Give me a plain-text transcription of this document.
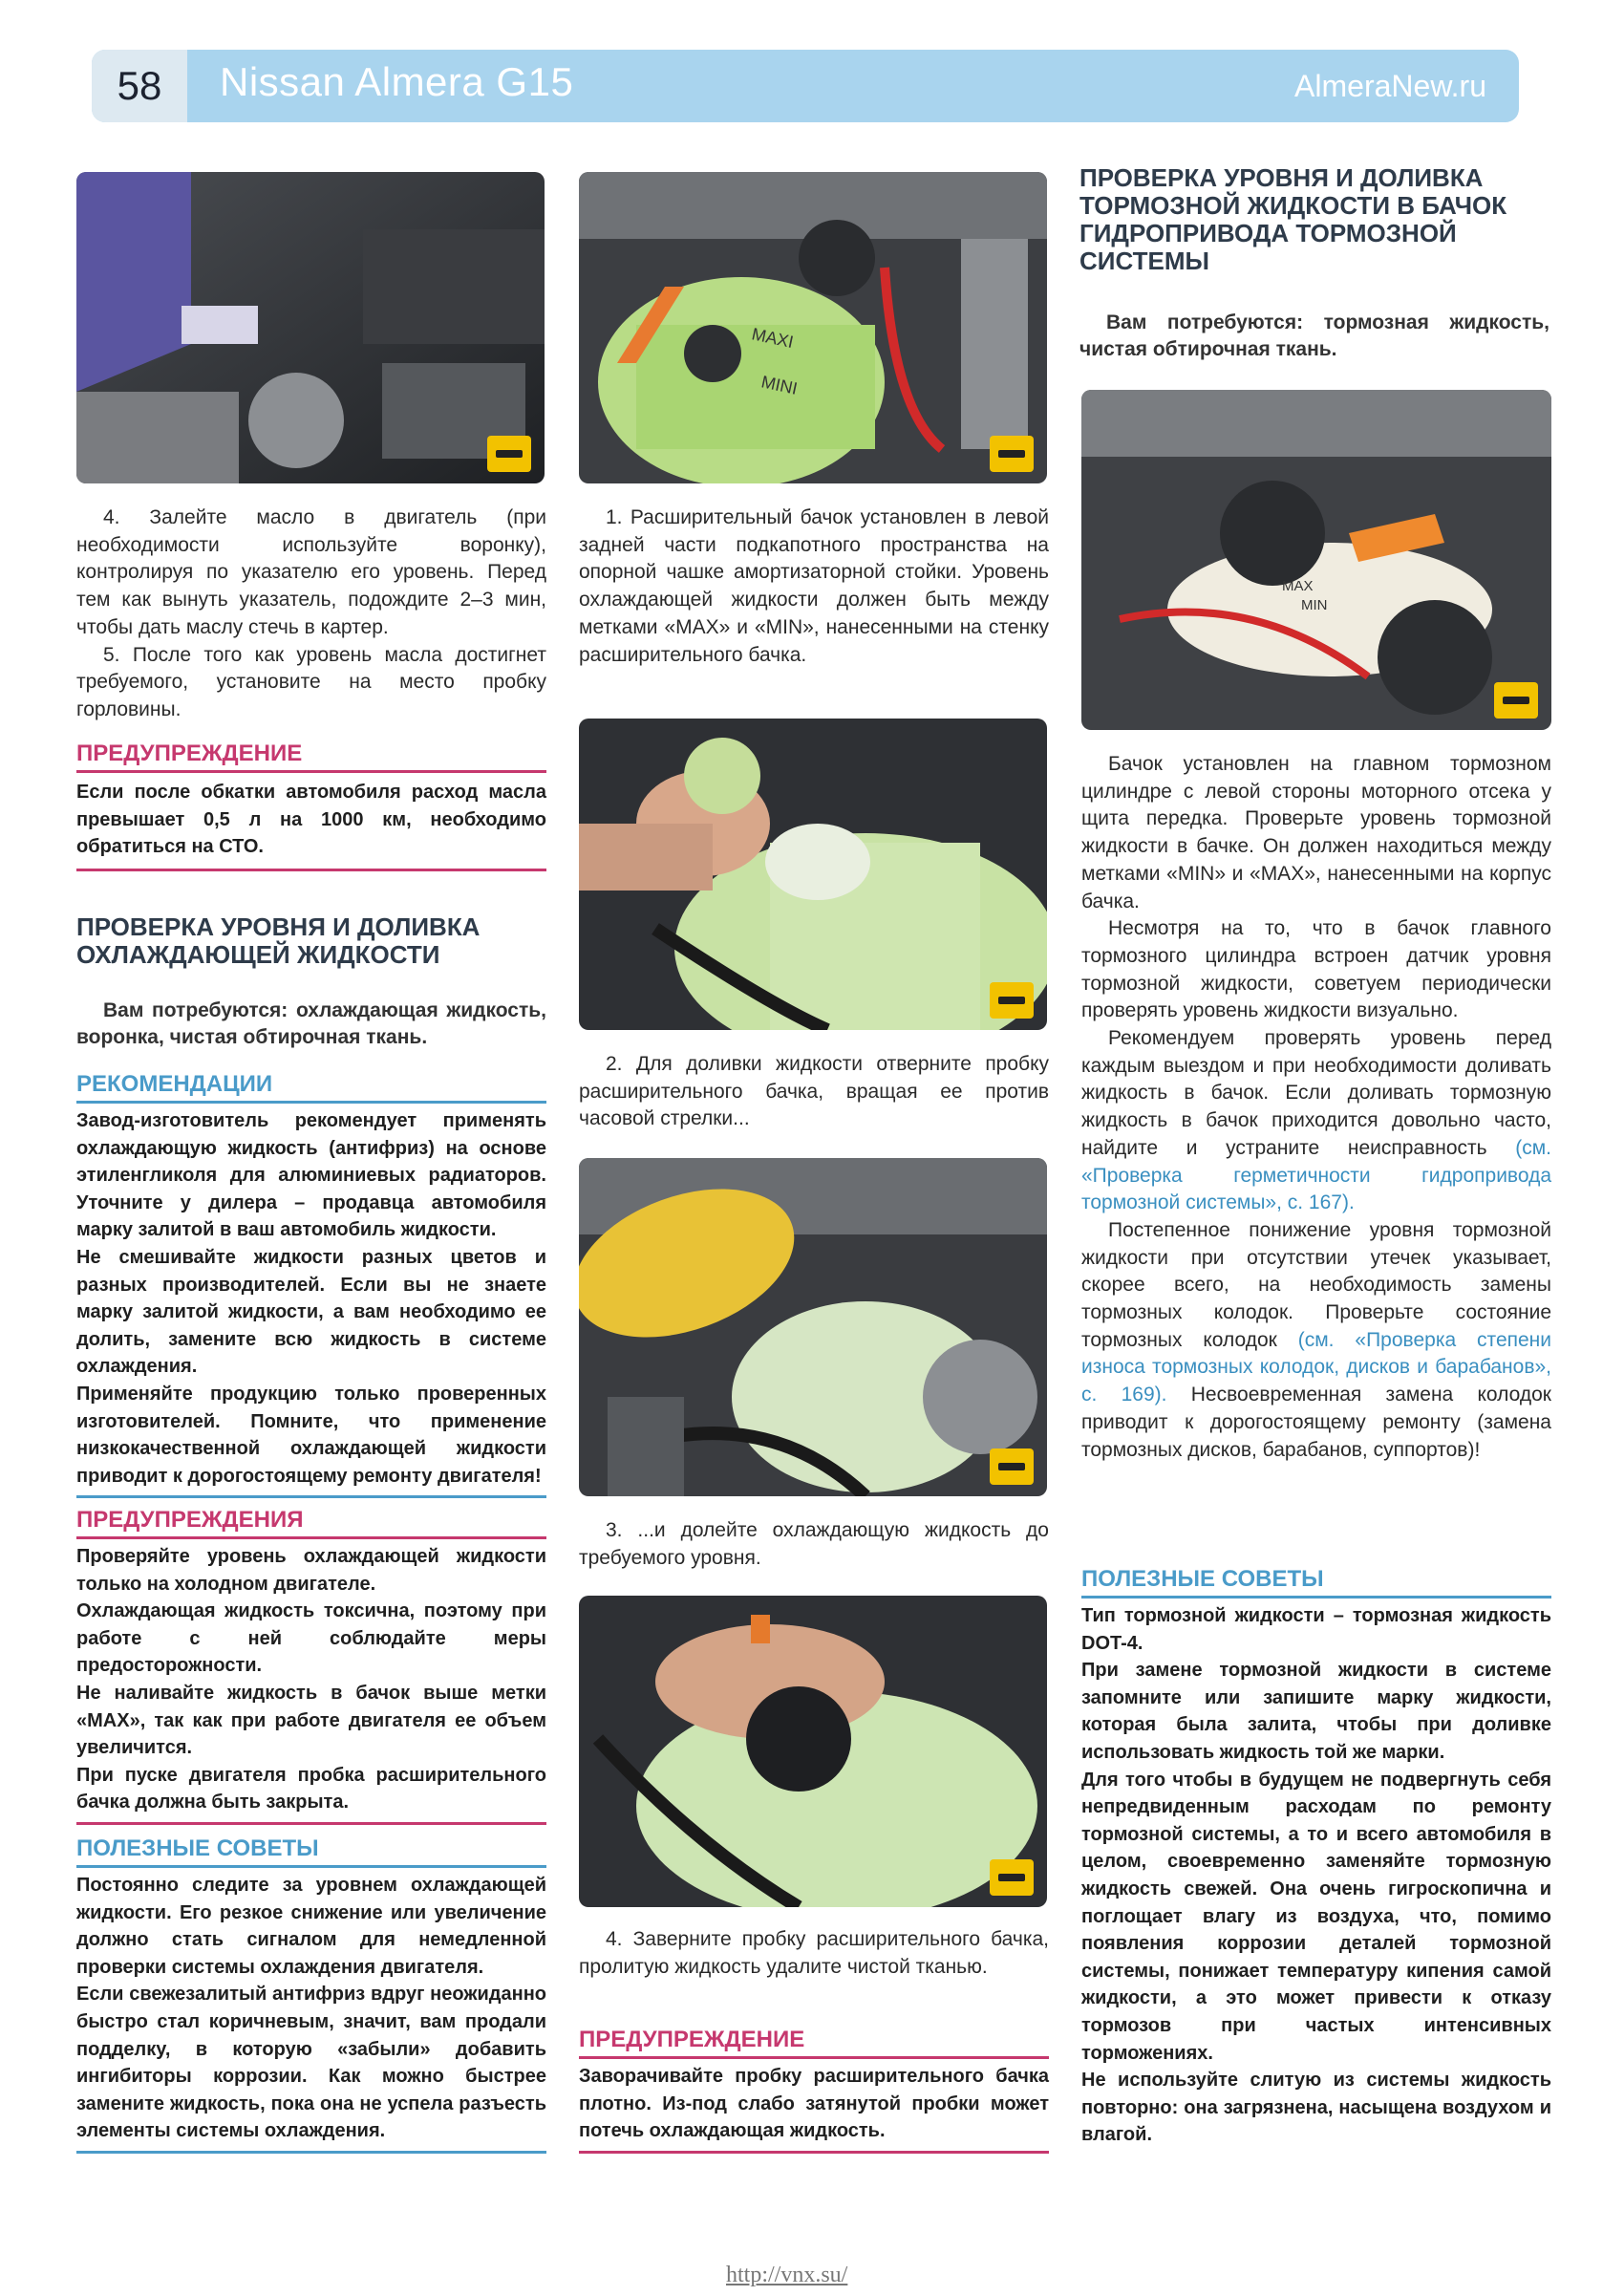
58	Nissan Almera G15	AlmeraNew.ru

4. Залейте масло в двигатель (при необходимости используйте воронку), контролируя по указателю его уровень. Перед тем как вынуть указатель, подождите 2–3 мин, чтобы дать маслу стечь в картер.

5. После того как уровень масла достигнет требуемого, установите на место пробку горловины.

ПРЕДУПРЕЖДЕНИЕ

Если после обкатки автомобиля расход масла превышает 0,5 л на 1000 км, необходимо обратиться на СТО.

ПРОВЕРКА УРОВНЯ И ДОЛИВКА ОХЛАЖДАЮЩЕЙ ЖИДКОСТИ
Вам потребуются: охлаждающая жидкость, воронка, чистая обтирочная ткань.
РЕКОМЕНДАЦИИ

Завод-изготовитель рекомендует применять охлаждающую жидкость (антифриз) на основе этиленгликоля для алюминиевых радиаторов. Уточните у дилера – продавца автомобиля марку залитой в ваш автомобиль жидкости.

Не смешивайте жидкости разных цветов и разных производителей. Если вы не знаете марку залитой жидкости, а вам необходимо ее долить, замените всю жидкость в системе охлаждения.

Применяйте продукцию только проверенных изготовителей. Помните, что применение низкокачественной охлаждающей жидкости приводит к дорогостоящему ремонту двигателя!

ПРЕДУПРЕЖДЕНИЯ

Проверяйте уровень охлаждающей жидкости только на холодном двигателе.

Охлаждающая жидкость токсична, поэтому при работе с ней соблюдайте меры предосторожности.

Не наливайте жидкость в бачок выше метки «MAX», так как при работе двигателя ее объем увеличится.

При пуске двигателя пробка расширительного бачка должна быть закрыта.

ПОЛЕЗНЫЕ СОВЕТЫ

Постоянно следите за уровнем охлаждающей жидкости. Его резкое снижение или увеличение должно стать сигналом для немедленной проверки системы охлаждения двигателя.

Если свежезалитый антифриз вдруг неожиданно быстро стал коричневым, значит, вам продали подделку, в которую «забыли» добавить ингибиторы коррозии. Как можно быстрее замените жидкость, пока она не успела разъесть элементы системы охлаждения.

MAXI
MINI

1. Расширительный бачок установлен в левой задней части подкапотного пространства на опорной чашке амортизаторной стойки. Уровень охлаждающей жидкости должен быть между метками «MAX» и «MIN», нанесенными на стенку расширительного бачка.

2. Для доливки жидкости отверните пробку расширительного бачка, вращая ее против часовой стрелки...

3. ...и долейте охлаждающую жидкость до требуемого уровня.

4. Заверните пробку расширительного бачка, пролитую жидкость удалите чистой тканью.

ПРЕДУПРЕЖДЕНИЕ

Заворачивайте пробку расширительного бачка плотно. Из-под слабо затянутой пробки может потечь охлаждающая жидкость.

ПРОВЕРКА УРОВНЯ И ДОЛИВКА ТОРМОЗНОЙ ЖИДКОСТИ В БАЧОК ГИДРОПРИВОДА ТОРМОЗНОЙ СИСТЕМЫ
Вам потребуются: тормозная жидкость, чистая обтирочная ткань.
MAX
MIN

Бачок установлен на главном тормозном цилиндре с левой стороны моторного отсека у щита передка. Проверьте уровень тормозной жидкости в бачке. Он должен находиться между метками «MIN» и «MAX», нанесенными на корпус бачка.

Несмотря на то, что в бачок главного тормозного цилиндра встроен датчик уровня тормозной жидкости, советуем периодически проверять уровень жидкости визуально.

Рекомендуем проверять уровень перед каждым выездом и при необходимости доливать жидкость в бачок. Если доливать тормозную жидкость в бачок приходится довольно часто, найдите и устраните неисправность (см. «Проверка герметичности гидропривода тормозной системы», с. 167).

Постепенное понижение уровня тормозной жидкости при отсутствии утечек указывает, скорее всего, на необходимость замены тормозных колодок. Проверьте состояние тормозных колодок (см. «Проверка степени износа тормозных колодок, дисков и барабанов», с. 169). Несвоевременная замена колодок приводит к дорогостоящему ремонту (замена тормозных дисков, барабанов, суппортов)!

ПОЛЕЗНЫЕ СОВЕТЫ

Тип тормозной жидкости – тормозная жидкость DOT-4.

При замене тормозной жидкости в системе запомните или запишите марку жидкости, которая была залита, чтобы при доливке использовать жидкость той же марки.

Для того чтобы в будущем не подвергнуть себя непредвиденным расходам по ремонту тормозной системы, а то и всего автомобиля в целом, своевременно заменяйте тормозную жидкость свежей. Она очень гигроскопична и поглощает влагу из воздуха, что, помимо появления коррозии деталей тормозной системы, понижает температуру кипения самой жидкости, а это может привести к отказу тормозов при частых интенсивных торможениях.

Не используйте слитую из системы жидкость повторно: она загрязнена, насыщена воздухом и влагой.

http://vnx.su/
